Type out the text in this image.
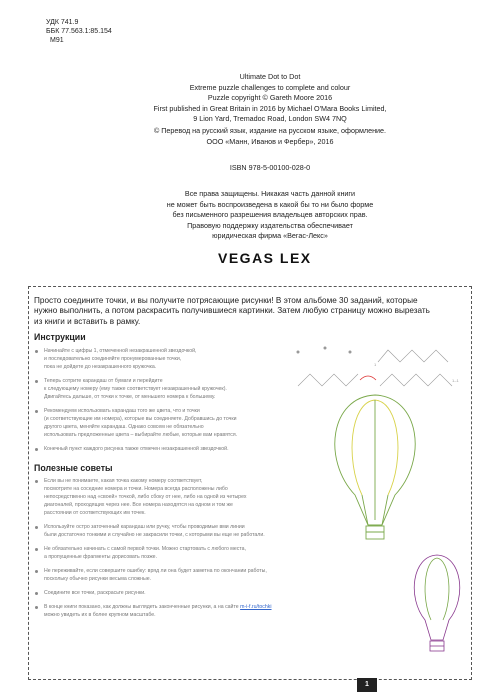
УДК 741.9
ББК 77.563.1:85.154
М91
Ultimate Dot to Dot
Extreme puzzle challenges to complete and colour
Puzzle copyright © Gareth Moore 2016
First published in Great Britain in 2016 by Michael O'Mara Books Limited,
9 Lion Yard, Tremadoc Road, London SW4 7NQ
© Перевод на русский язык, издание на русском языке, оформление.
ООО «Манн, Иванов и Фербер», 2016
ISBN 978-5-00100-028-0
Все права защищены. Никакая часть данной книги
не может быть воспроизведена в какой бы то ни было форме
без письменного разрешения владельцев авторских прав.
Правовую поддержку издательства обеспечивает
юридическая фирма «Вегас-Лекс»
VEGAS LEX
Просто соедините точки, и вы получите потрясающие рисунки! В этом альбоме 30 заданий, которые
нужно выполнить, а потом раскрасить получившиеся картинки. Затем любую страницу можно вырезать
из книги и вставить в рамку.
Инструкции
Начинайте с цифры 1, отмеченной незакрашенной звездочкой,
и последовательно соединяйте пронумерованные точки,
пока не дойдете до незакрашенного кружочка.
Теперь сотрите карандаш от бумаги и перейдите
к следующему номеру (ему также соответствует незакрашенный кружочек).
Двигайтесь дальше, от точки к точке, от меньшего номера к большему.
Рекомендуем использовать карандаш того же цвета, что и точки
(и соответствующие им номера), которые вы соединяете. Добравшись до точки
другого цвета, меняйте карандаш. Однако совсем не обязательно
использовать предложенные цвета – выбирайте любые, которые вам нравятся.
Конечный пункт каждого рисунка также отмечен незакрашенной звездочкой.
Полезные советы
Если вы не понимаете, какая точка какому номеру соответствует,
посмотрите на соседние номера и точки. Номера всегда расположены либо
непосредственно над «своей» точкой, либо сбоку от нее, либо на одной из четырех
диагоналей, проходящих через нее. Все номера находятся на одном и том же
расстоянии от соответствующих им точек.
Используйте остро заточенный карандаш или ручку, чтобы проводимые вми линии
были достаточно тонкими и случайно не закрасили точки, с которыми вы еще не работали.
Не обязательно начинать с самой первой точки. Можно стартовать с любого места,
а пропущенные фрагменты дорисовать позже.
Не переживайте, если совершите ошибку: вряд ли она будет заметна по окончании работы,
поскольку обычно рисунки весьма сложные.
Соедините все точки, раскрасьте рисунки.
В конце книги показано, как должны выглядеть законченные рисунки, а на сайте m-i-f.ru/tochki
можно увидеть их в более крупном масштабе.
1
1–1
1
